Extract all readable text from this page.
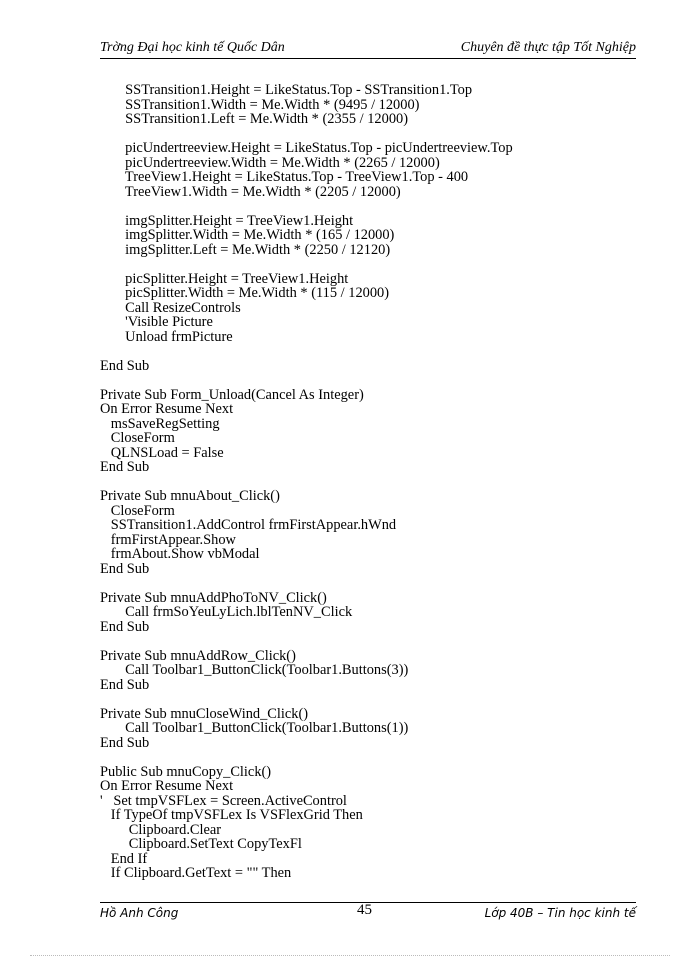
Trờng Đại học kinh tế Quốc Dân	Chuyên đề thực tập Tốt Nghiệp
SSTransition1.Height = LikeStatus.Top - SSTransition1.Top
SSTransition1.Width = Me.Width * (9495 / 12000)
SSTransition1.Left = Me.Width * (2355 / 12000)

picUndertreeview.Height = LikeStatus.Top - picUndertreeview.Top
picUndertreeview.Width = Me.Width * (2265 / 12000)
TreeView1.Height = LikeStatus.Top - TreeView1.Top - 400
TreeView1.Width = Me.Width * (2205 / 12000)

imgSplitter.Height = TreeView1.Height
imgSplitter.Width = Me.Width * (165 / 12000)
imgSplitter.Left = Me.Width * (2250 / 12120)

picSplitter.Height = TreeView1.Height
picSplitter.Width = Me.Width * (115 / 12000)
Call ResizeControls
'Visible Picture
Unload frmPicture

End Sub

Private Sub Form_Unload(Cancel As Integer)
On Error Resume Next
msSaveRegSetting
CloseForm
QLNSLoad = False
End Sub

Private Sub mnuAbout_Click()
CloseForm
SSTransition1.AddControl frmFirstAppear.hWnd
frmFirstAppear.Show
frmAbout.Show vbModal
End Sub

Private Sub mnuAddPhoToNV_Click()
Call frmSoYeuLyLich.lblTenNV_Click
End Sub

Private Sub mnuAddRow_Click()
Call Toolbar1_ButtonClick(Toolbar1.Buttons(3))
End Sub

Private Sub mnuCloseWind_Click()
Call Toolbar1_ButtonClick(Toolbar1.Buttons(1))
End Sub

Public Sub mnuCopy_Click()
On Error Resume Next
'   Set tmpVSFLex = Screen.ActiveControl
If TypeOf tmpVSFLex Is VSFlexGrid Then
Clipboard.Clear
Clipboard.SetText CopyTexFl
End If
If Clipboard.GetText = "" Then
Hồ Anh Công	45	Lớp 40B – Tin học kinh tế
